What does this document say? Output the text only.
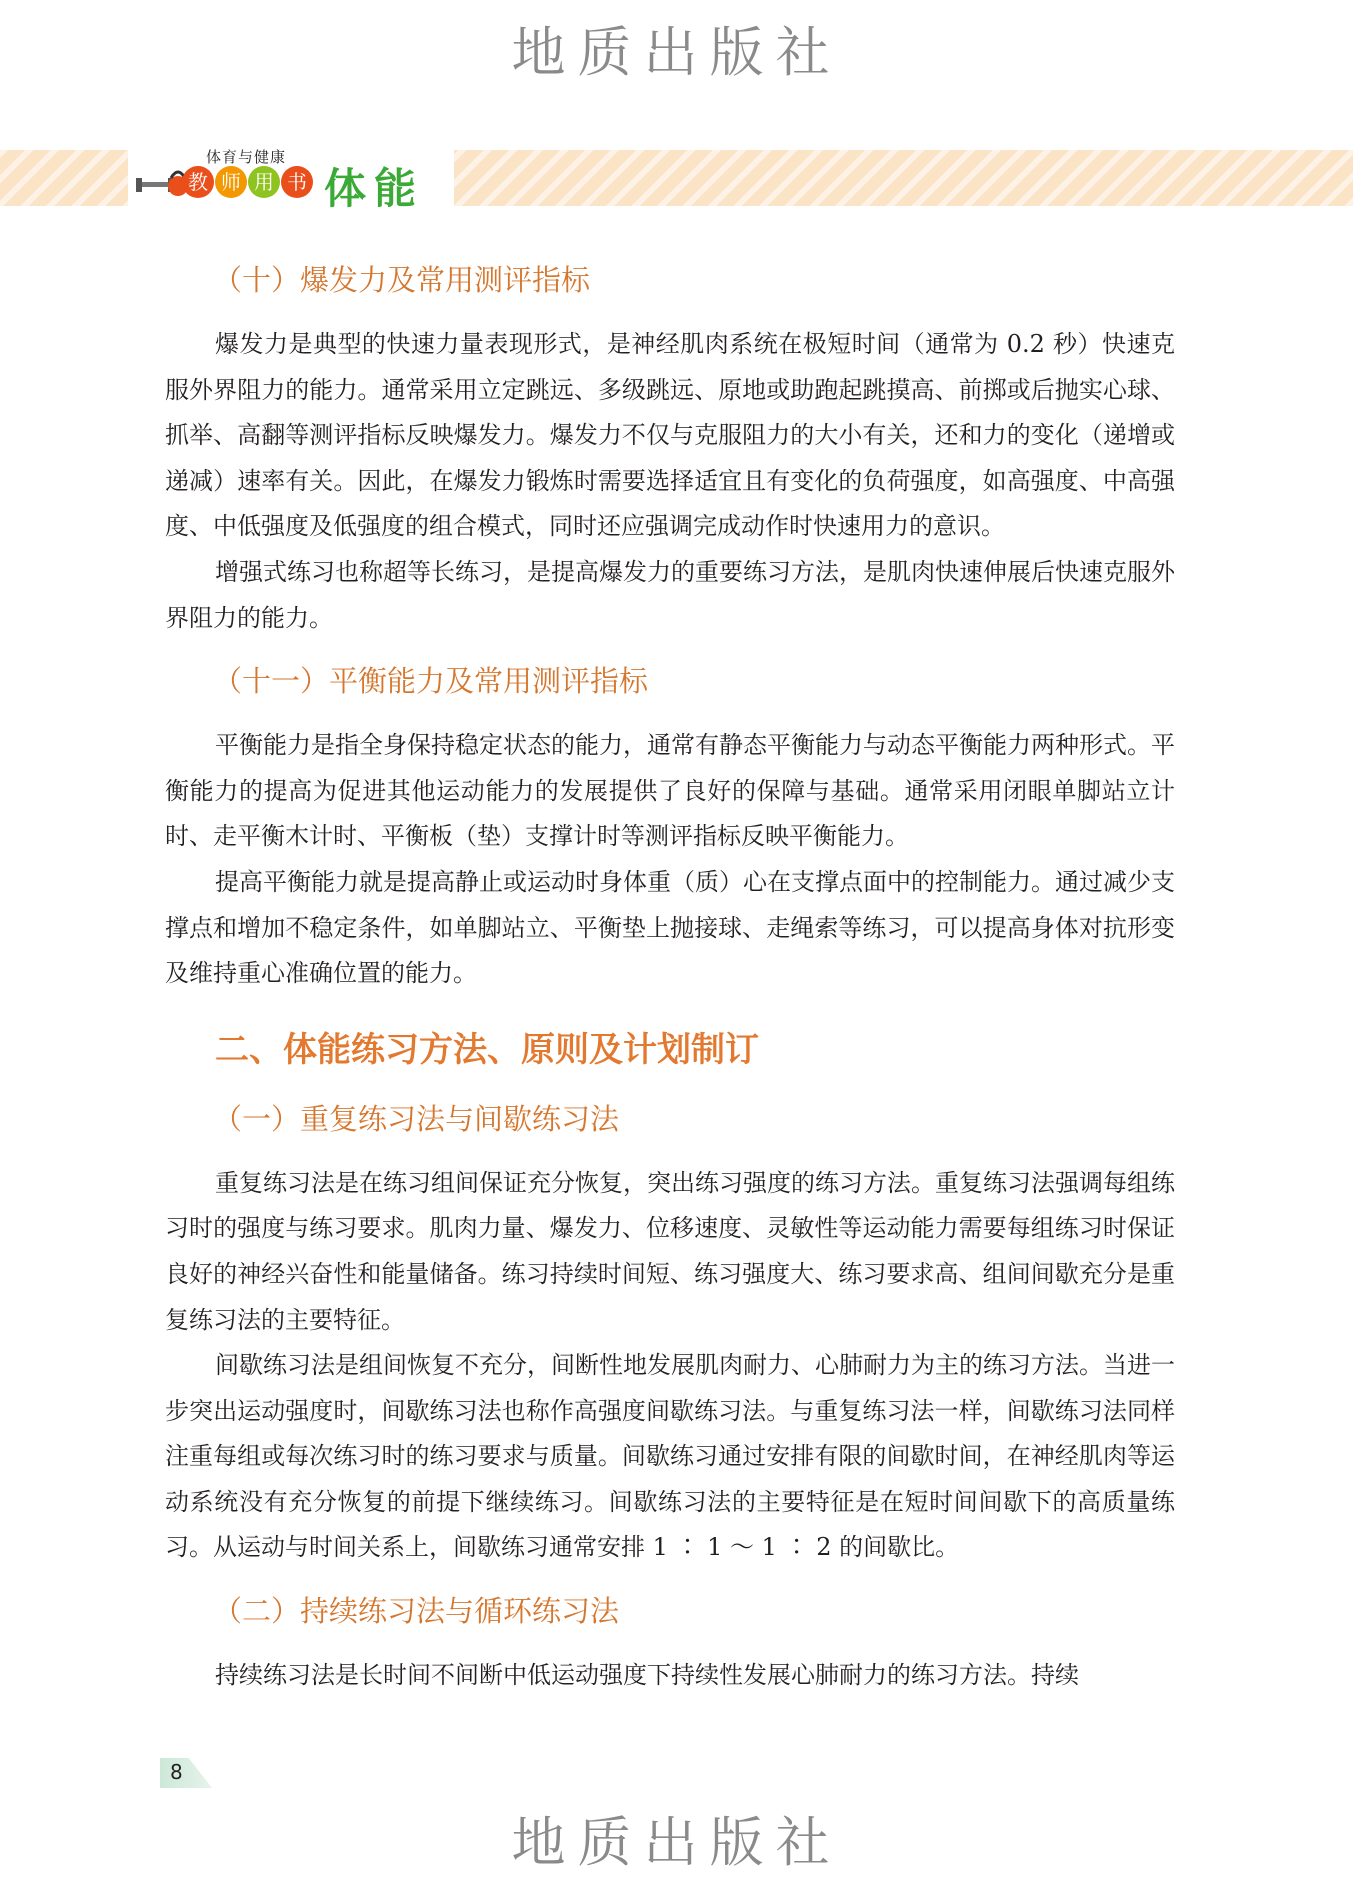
地质出版社
体育与健康
教 师 用 书 体能
（十）爆发力及常用测评指标

爆发力是典型的快速力量表现形式，是神经肌肉系统在极短时间（通常为 0.2 秒）快速克服外界阻力的能力。通常采用立定跳远、多级跳远、原地或助跑起跳摸高、前掷或后抛实心球、抓举、高翻等测评指标反映爆发力。爆发力不仅与克服阻力的大小有关，还和力的变化（递增或递减）速率有关。因此，在爆发力锻炼时需要选择适宜且有变化的负荷强度，如高强度、中高强度、中低强度及低强度的组合模式，同时还应强调完成动作时快速用力的意识。

增强式练习也称超等长练习，是提高爆发力的重要练习方法，是肌肉快速伸展后快速克服外界阻力的能力。

（十一）平衡能力及常用测评指标

平衡能力是指全身保持稳定状态的能力，通常有静态平衡能力与动态平衡能力两种形式。平衡能力的提高为促进其他运动能力的发展提供了良好的保障与基础。通常采用闭眼单脚站立计时、走平衡木计时、平衡板（垫）支撑计时等测评指标反映平衡能力。

提高平衡能力就是提高静止或运动时身体重（质）心在支撑点面中的控制能力。通过减少支撑点和增加不稳定条件，如单脚站立、平衡垫上抛接球、走绳索等练习，可以提高身体对抗形变及维持重心准确位置的能力。

二、体能练习方法、原则及计划制订
（一）重复练习法与间歇练习法

重复练习法是在练习组间保证充分恢复，突出练习强度的练习方法。重复练习法强调每组练习时的强度与练习要求。肌肉力量、爆发力、位移速度、灵敏性等运动能力需要每组练习时保证良好的神经兴奋性和能量储备。练习持续时间短、练习强度大、练习要求高、组间间歇充分是重复练习法的主要特征。

间歇练习法是组间恢复不充分，间断性地发展肌肉耐力、心肺耐力为主的练习方法。当进一步突出运动强度时，间歇练习法也称作高强度间歇练习法。与重复练习法一样，间歇练习法同样注重每组或每次练习时的练习要求与质量。间歇练习通过安排有限的间歇时间，在神经肌肉等运动系统没有充分恢复的前提下继续练习。间歇练习法的主要特征是在短时间间歇下的高质量练习。从运动与时间关系上，间歇练习通常安排 1 ∶ 1 ～ 1 ∶ 2 的间歇比。

（二）持续练习法与循环练习法

持续练习法是长时间不间断中低运动强度下持续性发展心肺耐力的练习方法。持续

8
地质出版社
